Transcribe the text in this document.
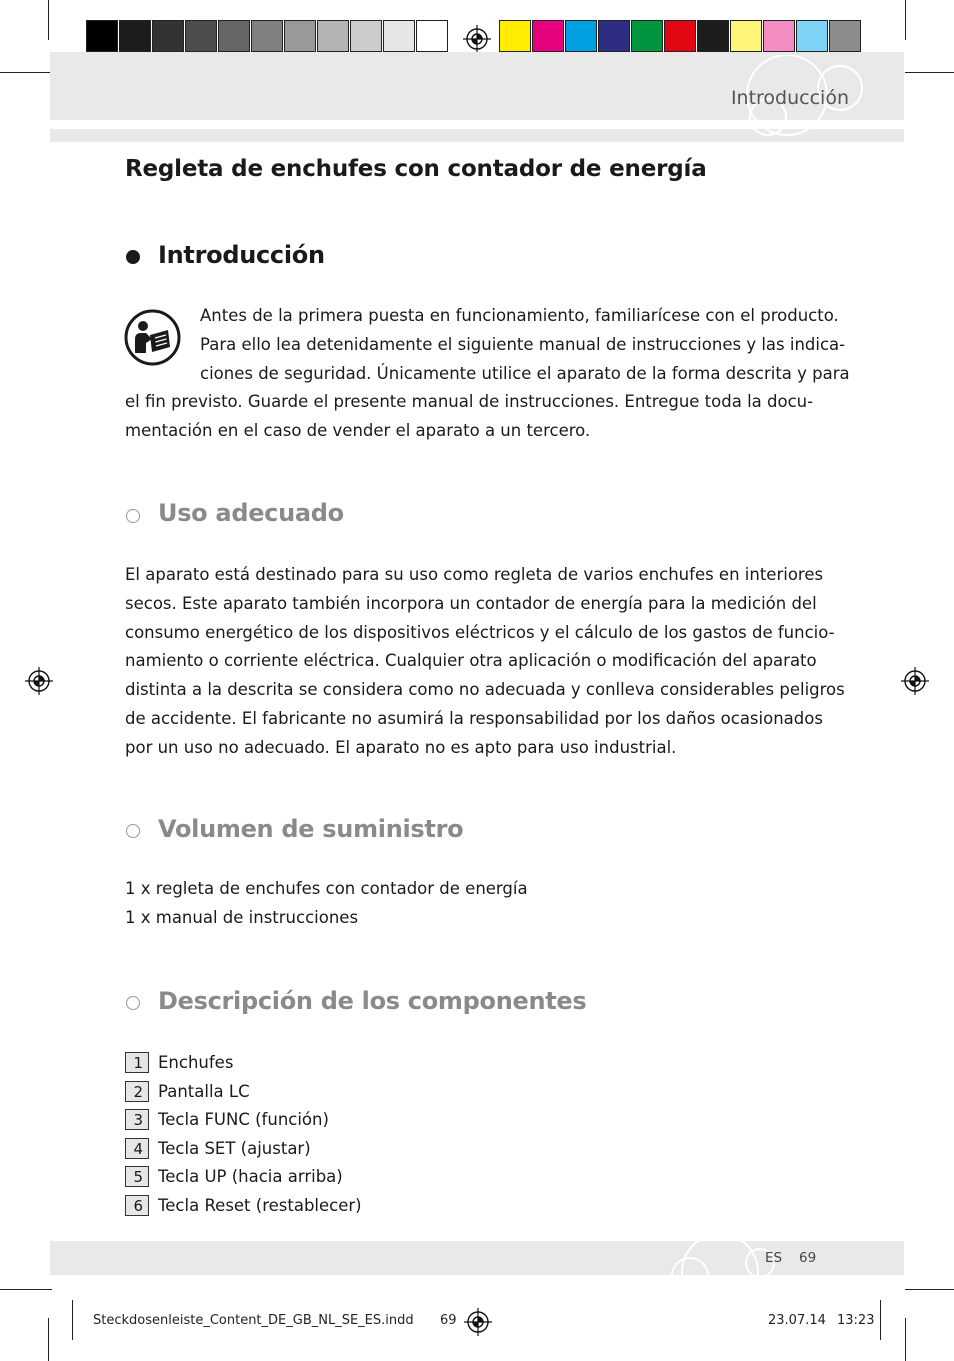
Introducción
Regleta de enchufes con contador de energía
Introducción
Antes de la primera puesta en funcionamiento, familiarícese con el producto.
Para ello lea detenidamente el siguiente manual de instrucciones y las indica-
ciones de seguridad. Únicamente utilice el aparato de la forma descrita y para
el fin previsto. Guarde el presente manual de instrucciones. Entregue toda la docu-
mentación en el caso de vender el aparato a un tercero.
Uso adecuado
El aparato está destinado para su uso como regleta de varios enchufes en interiores
secos. Este aparato también incorpora un contador de energía para la medición del
consumo energético de los dispositivos eléctricos y el cálculo de los gastos de funcio-
namiento o corriente eléctrica. Cualquier otra aplicación o modificación del aparato
distinta a la descrita se considera como no adecuada y conlleva considerables peligros
de accidente. El fabricante no asumirá la responsabilidad por los daños ocasionados
por un uso no adecuado. El aparato no es apto para uso industrial.
Volumen de suministro
1 x regleta de enchufes con contador de energía
1 x manual de instrucciones
Descripción de los componentes
1 Enchufes
2 Pantalla LC
3 Tecla FUNC (función)
4 Tecla SET (ajustar)
5 Tecla UP (hacia arriba)
6 Tecla Reset (restablecer)
ES 69
Steckdosenleiste_Content_DE_GB_NL_SE_ES.indd 69	23.07.14 13:23
